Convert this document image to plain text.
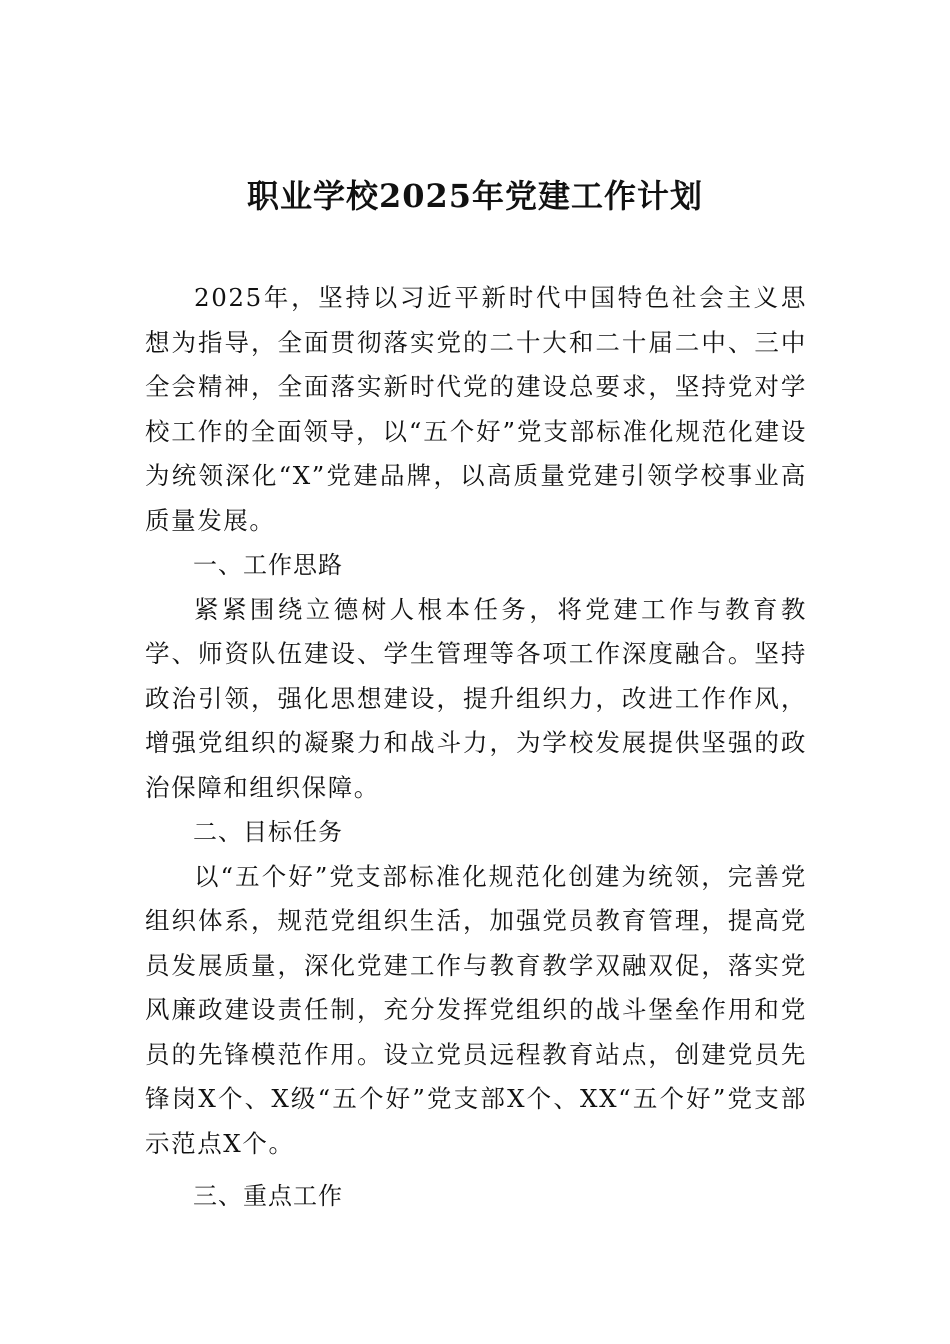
职业学校2025年党建工作计划

2025年，坚持以习近平新时代中国特色社会主义思想为指导，全面贯彻落实党的二十大和二十届二中、三中全会精神，全面落实新时代党的建设总要求，坚持党对学校工作的全面领导，以“五个好”党支部标准化规范化建设为统领深化“X”党建品牌，以高质量党建引领学校事业高质量发展。

一、工作思路

紧紧围绕立德树人根本任务，将党建工作与教育教学、师资队伍建设、学生管理等各项工作深度融合。坚持政治引领，强化思想建设，提升组织力，改进工作作风，增强党组织的凝聚力和战斗力，为学校发展提供坚强的政治保障和组织保障。

二、目标任务

以“五个好”党支部标准化规范化创建为统领，完善党组织体系，规范党组织生活，加强党员教育管理，提高党员发展质量，深化党建工作与教育教学双融双促，落实党风廉政建设责任制，充分发挥党组织的战斗堡垒作用和党员的先锋模范作用。设立党员远程教育站点，创建党员先锋岗X个、X级“五个好”党支部X个、XX“五个好”党支部示范点X个。

三、重点工作
